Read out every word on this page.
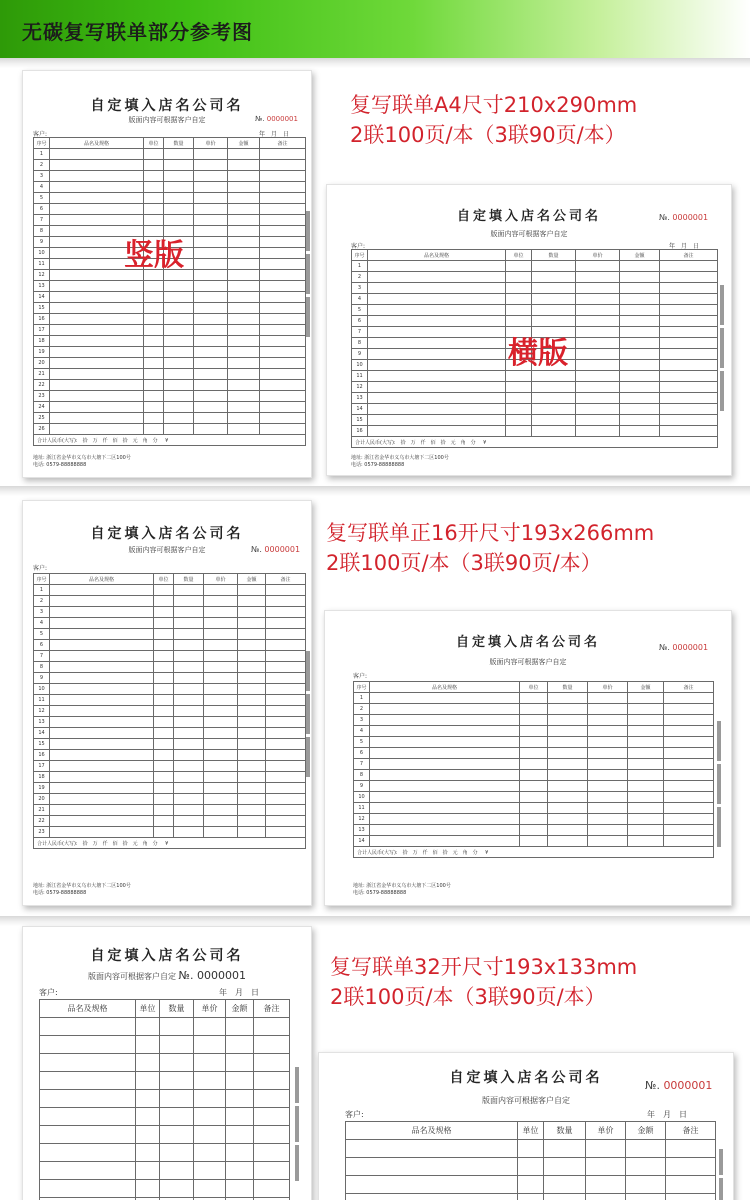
无碳复写联单部分参考图
自定填入店名公司名
版面内容可根据客户自定	№. 0000001
客户:	年　月　日
序号	品名及规格	单位	数量	单价	金额	备注
1						
2						
3						
4						
5						
6						
7						
8						
9						
10						
11						
12						
13						
14						
15						
16						
17						
18						
19						
20						
21						
22						
23						
24						
25						
26						
合计人民币(大写):　拾　万　仟　佰　拾　元　角　分 ¥						
地址: 浙江省金华市义乌市大塘下二区100号
电话: 0579-88888888
竖版
复写联单A4尺寸210x290mm
2联100页/本（3联90页/本）
自定填入店名公司名	№. 0000001
版面内容可根据客户自定
客户:	年　月　日
序号	品名及规格	单位	数量	单价	金额	备注
1						
2						
3						
4						
5						
6						
7						
8						
9						
10						
11						
12						
13						
14						
15						
16						
合计人民币(大写):　拾　万　仟　佰　拾　元　角　分 ¥						
地址: 浙江省金华市义乌市大塘下二区100号
电话: 0579-88888888
横版
自定填入店名公司名
版面内容可根据客户自定	№. 0000001
客户:
序号	品名及规格	单位	数量	单价	金额	备注
1						
2						
3						
4						
5						
6						
7						
8						
9						
10						
11						
12						
13						
14						
15						
16						
17						
18						
19						
20						
21						
22						
23						
合计人民币(大写):　拾　万　仟　佰　拾　元　角　分 ¥						
地址: 浙江省金华市义乌市大塘下二区100号
电话: 0579-88888888
复写联单正16开尺寸193x266mm
2联100页/本（3联90页/本）
自定填入店名公司名	№. 0000001
版面内容可根据客户自定
客户:
序号	品名及规格	单位	数量	单价	金额	备注
1						
2						
3						
4						
5						
6						
7						
8						
9						
10						
11						
12						
13						
14						
合计人民币(大写):　拾　万　仟　佰　拾　元　角　分 ¥						
地址: 浙江省金华市义乌市大塘下二区100号
电话: 0579-88888888
自定填入店名公司名
版面内容可根据客户自定 №. 0000001
客户:	年　月　日
品名及规格	单位	数量	单价	金额	备注

复写联单32开尺寸193x133mm
2联100页/本（3联90页/本）
自定填入店名公司名	№. 0000001
版面内容可根据客户自定
客户:	年　月　日
品名及规格	单位	数量	单价	金额	备注
